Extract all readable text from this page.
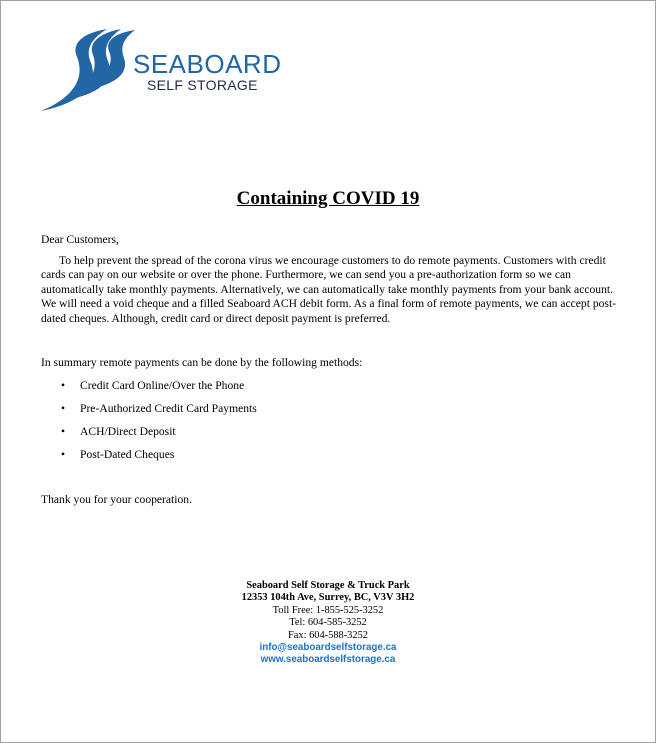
SEABOARD
SELF STORAGE
Containing COVID 19
Dear Customers,

To help prevent the spread of the corona virus we encourage customers to do remote payments. Customers with credit cards can pay on our website or over the phone. Furthermore, we can send you a pre-authorization form so we can automatically take monthly payments. Alternatively, we can automatically take monthly payments from your bank account. We will need a void cheque and a filled Seaboard ACH debit form. As a final form of remote payments, we can accept post-dated cheques. Although, credit card or direct deposit payment is preferred.

In summary remote payments can be done by the following methods:
• Credit Card Online/Over the Phone
• Pre-Authorized Credit Card Payments
• ACH/Direct Deposit
• Post-Dated Cheques
Thank you for your cooperation.
Seaboard Self Storage & Truck Park
12353 104th Ave, Surrey, BC, V3V 3H2
Toll Free: 1-855-525-3252
Tel: 604-585-3252
Fax: 604-588-3252
info@seaboardselfstorage.ca
www.seaboardselfstorage.ca
